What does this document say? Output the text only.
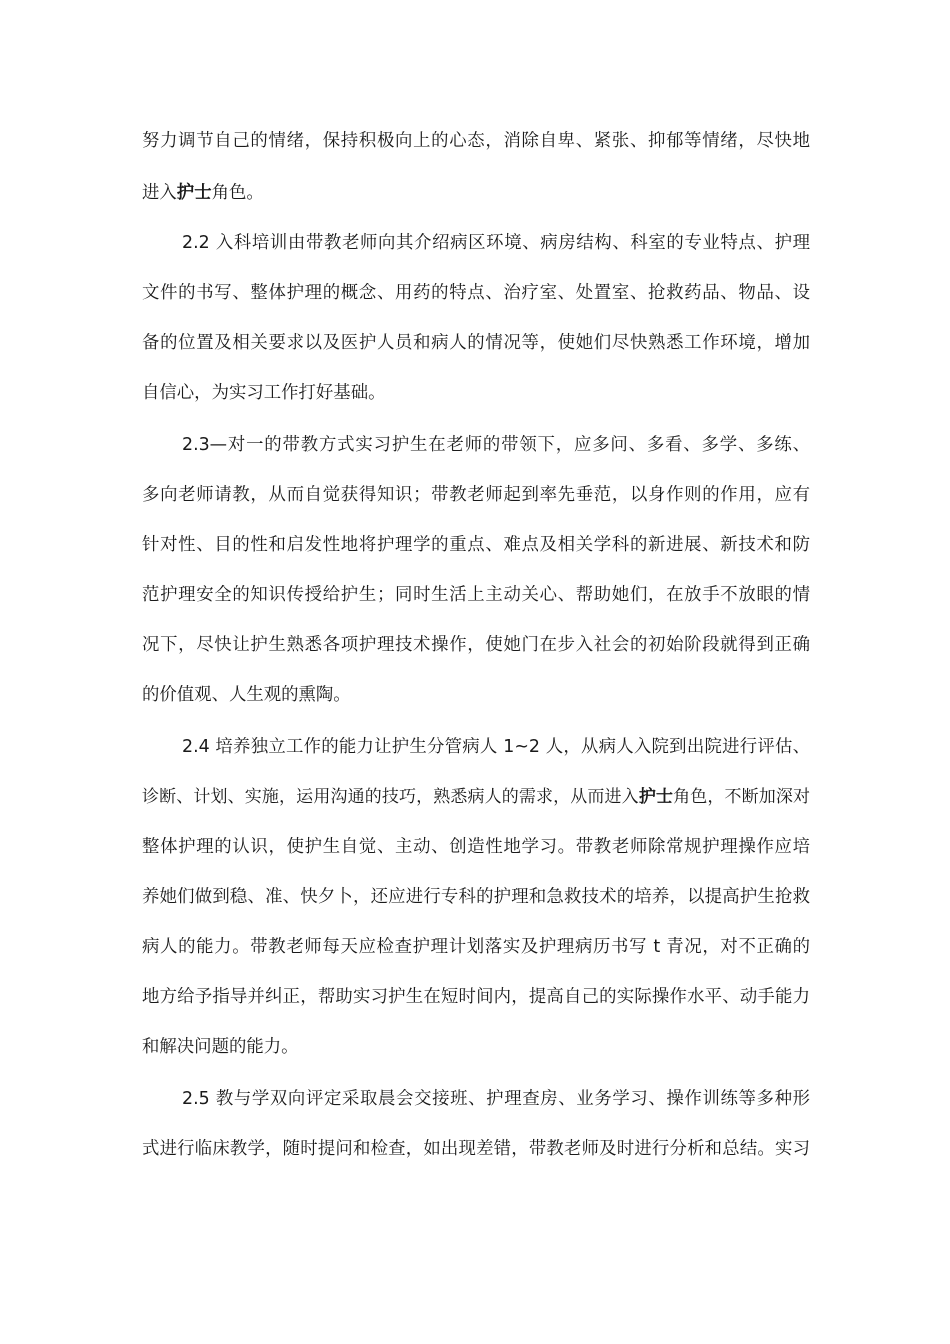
努力调节自己的情绪，保持积极向上的心态，消除自卑、紧张、抑郁等情绪，尽快地
进入护士角色。
2.2 入科培训由带教老师向其介绍病区环境、病房结构、科室的专业特点、护理
文件的书写、整体护理的概念、用药的特点、治疗室、处置室、抢救药品、物品、设
备的位置及相关要求以及医护人员和病人的情况等，使她们尽快熟悉工作环境，增加
自信心，为实习工作打好基础。
2.3—对一的带教方式实习护生在老师的带领下，应多问、多看、多学、多练、
多向老师请教，从而自觉获得知识；带教老师起到率先垂范，以身作则的作用，应有
针对性、目的性和启发性地将护理学的重点、难点及相关学科的新进展、新技术和防
范护理安全的知识传授给护生；同时生活上主动关心、帮助她们，在放手不放眼的情
况下，尽快让护生熟悉各项护理技术操作，使她门在步入社会的初始阶段就得到正确
的价值观、人生观的熏陶。
2.4 培养独立工作的能力让护生分管病人 1~2 人，从病人入院到出院进行评估、
诊断、计划、实施，运用沟通的技巧，熟悉病人的需求，从而进入护士角色，不断加深对
整体护理的认识，使护生自觉、主动、创造性地学习。带教老师除常规护理操作应培
养她们做到稳、准、快夕卜，还应进行专科的护理和急救技术的培养，以提高护生抢救
病人的能力。带教老师每天应检查护理计划落实及护理病历书写 t 青况，对不正确的
地方给予指导并纠正，帮助实习护生在短时间内，提高自己的实际操作水平、动手能力
和解决问题的能力。
2.5 教与学双向评定采取晨会交接班、护理查房、业务学习、操作训练等多种形
式进行临床教学，随时提问和检查，如出现差错，带教老师及时进行分析和总结。实习
